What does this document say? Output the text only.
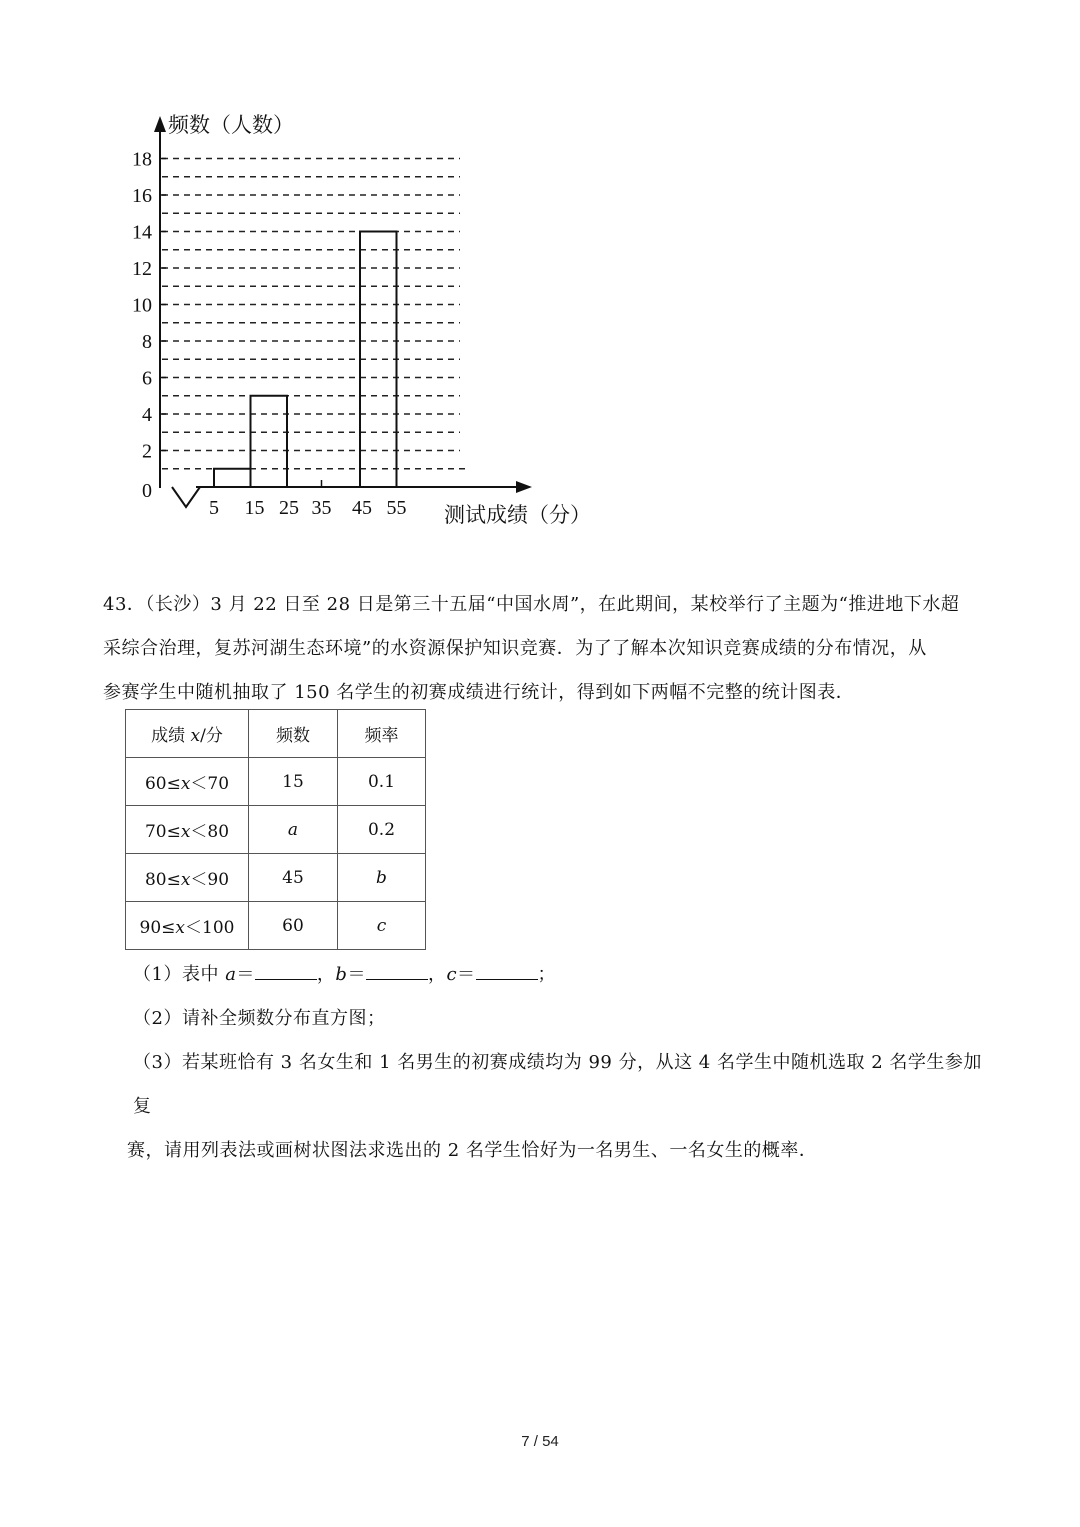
频数（人数）
测试成绩（分）
0
2
4
6
8
10
12
14
16
18
5 15 25 35 45 55

43．（长沙）3 月 22 日至 28 日是第三十五届“中国水周”，在此期间，某校举行了主题为“推进地下水超

采综合治理，复苏河湖生态环境”的水资源保护知识竞赛．为了了解本次知识竞赛成绩的分布情况，从

参赛学生中随机抽取了 150 名学生的初赛成绩进行统计，得到如下两幅不完整的统计图表．

成绩 x/分	频数	频率
60≤x＜70	15	0.1
70≤x＜80	a	0.2
80≤x＜90	45	b
90≤x＜100	60	c

（1）表中 a＝	，b＝	，c＝	；

（2）请补全频数分布直方图；

（3）若某班恰有 3 名女生和 1 名男生的初赛成绩均为 99 分，从这 4 名学生中随机选取 2 名学生参加复

赛，请用列表法或画树状图法求选出的 2 名学生恰好为一名男生、一名女生的概率．

7 / 54
